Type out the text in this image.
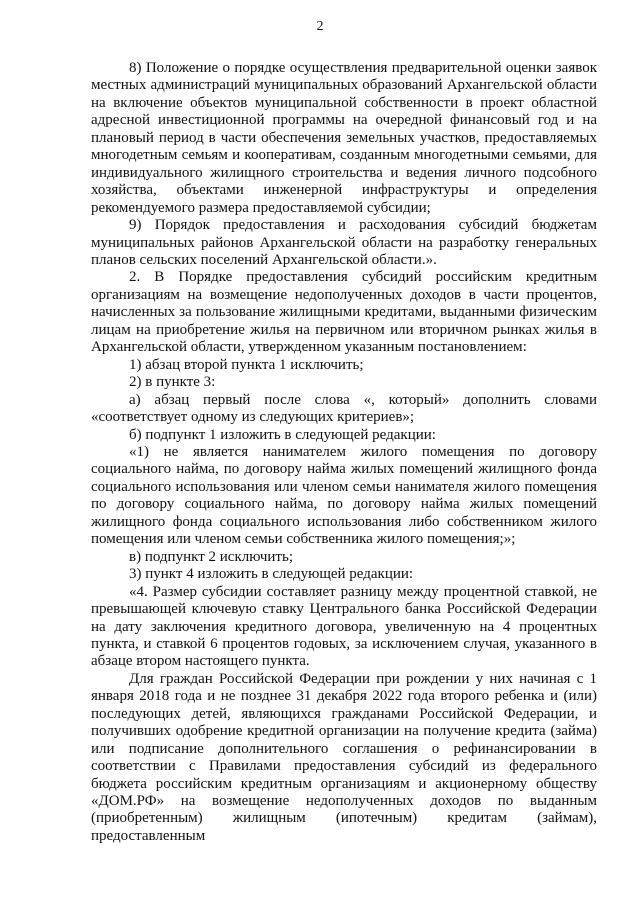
2

8) Положение о порядке осуществления предварительной оценки заявок местных администраций муниципальных образований Архангельской области на включение объектов муниципальной собственности в проект областной адресной инвестиционной программы на очередной финансовый год и на плановый период в части обеспечения земельных участков, предоставляемых многодетным семьям и кооперативам, созданным многодетными семьями, для индивидуального жилищного строительства и ведения личного подсобного хозяйства, объектами инженерной инфраструктуры и определения рекомендуемого размера предоставляемой субсидии;

9) Порядок предоставления и расходования субсидий бюджетам муниципальных районов Архангельской области на разработку генеральных планов сельских поселений Архангельской области.».

2. В Порядке предоставления субсидий российским кредитным организациям на возмещение недополученных доходов в части процентов, начисленных за пользование жилищными кредитами, выданными физическим лицам на приобретение жилья на первичном или вторичном рынках жилья в Архангельской области, утвержденном указанным постановлением:

1) абзац второй пункта 1 исключить;

2) в пункте 3:

а) абзац первый после слова «, который» дополнить словами «соответствует одному из следующих критериев»;

б) подпункт 1 изложить в следующей редакции:

«1) не является нанимателем жилого помещения по договору социального найма, по договору найма жилых помещений жилищного фонда социального использования или членом семьи нанимателя жилого помещения по договору социального найма, по договору найма жилых помещений жилищного фонда социального использования либо собственником жилого помещения или членом семьи собственника жилого помещения;»;

в) подпункт 2 исключить;

3) пункт 4 изложить в следующей редакции:

«4. Размер субсидии составляет разницу между процентной ставкой, не превышающей ключевую ставку Центрального банка Российской Федерации на дату заключения кредитного договора, увеличенную на 4 процентных пункта, и ставкой 6 процентов годовых, за исключением случая, указанного в абзаце втором настоящего пункта.

Для граждан Российской Федерации при рождении у них начиная с 1 января 2018 года и не позднее 31 декабря 2022 года второго ребенка и (или) последующих детей, являющихся гражданами Российской Федерации, и получивших одобрение кредитной организации на получение кредита (займа) или подписание дополнительного соглашения о рефинансировании в соответствии с Правилами предоставления субсидий из федерального бюджета российским кредитным организациям и акционерному обществу «ДОМ.РФ» на возмещение недополученных доходов по выданным (приобретенным) жилищным (ипотечным) кредитам (займам), предоставленным
